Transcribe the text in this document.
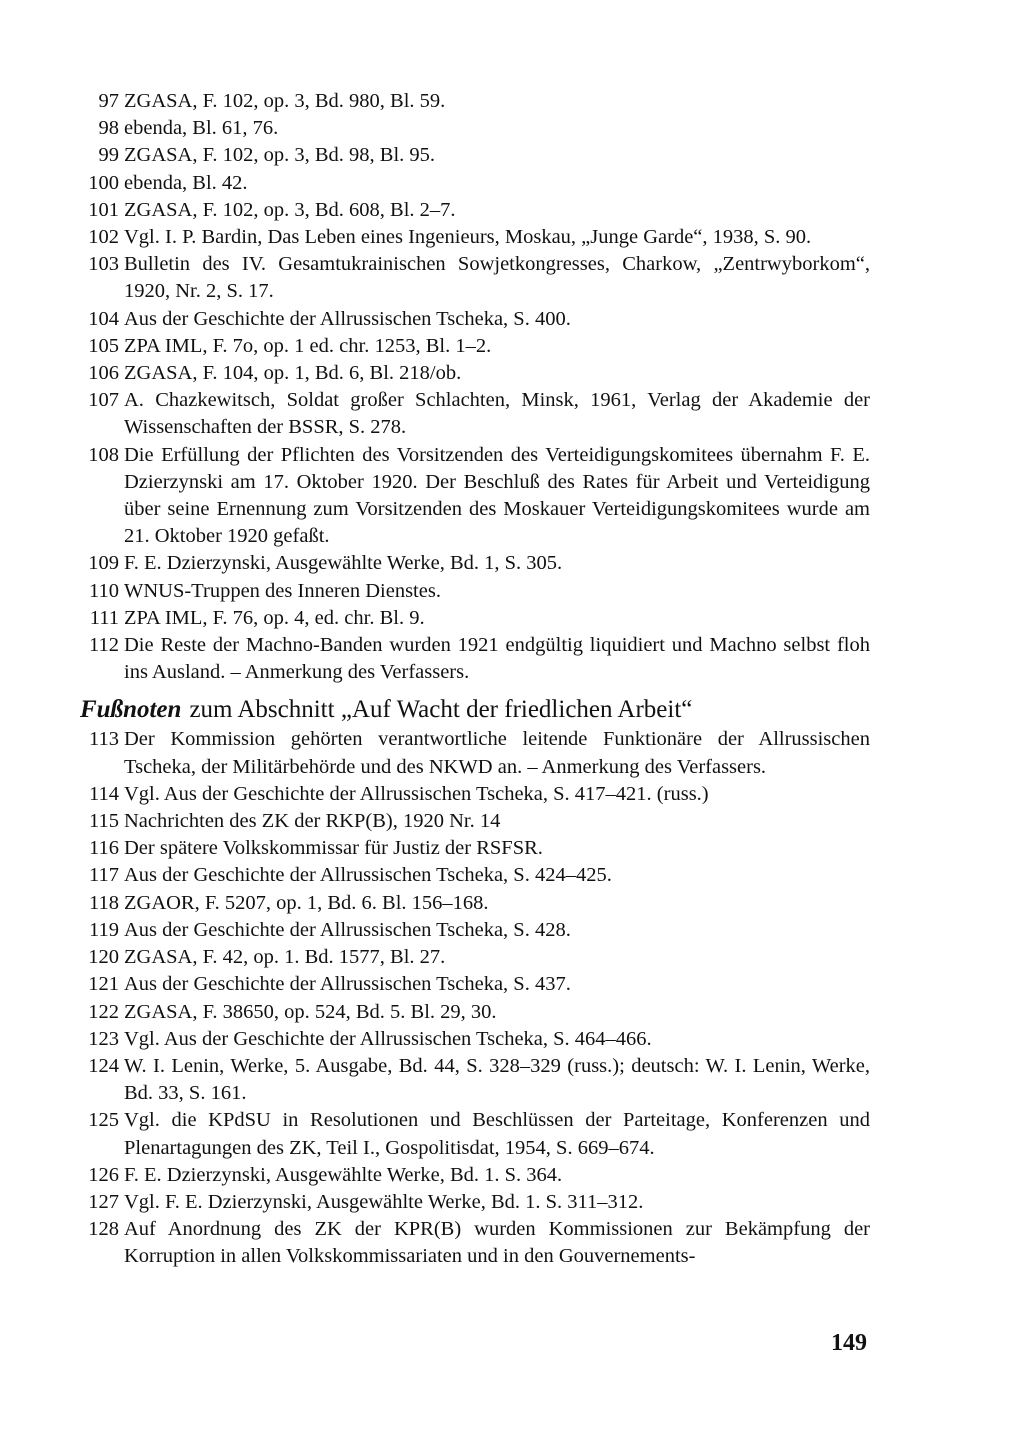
97 ZGASA, F. 102, op. 3, Bd. 980, Bl. 59.
98 ebenda, Bl. 61, 76.
99 ZGASA, F. 102, op. 3, Bd. 98, Bl. 95.
100 ebenda, Bl. 42.
101 ZGASA, F. 102, op. 3, Bd. 608, Bl. 2–7.
102 Vgl. I. P. Bardin, Das Leben eines Ingenieurs, Moskau, „Junge Garde“, 1938, S. 90.
103 Bulletin des IV. Gesamtukrainischen Sowjetkongresses, Charkow, „Zentrwyborkom“, 1920, Nr. 2, S. 17.
104 Aus der Geschichte der Allrussischen Tscheka, S. 400.
105 ZPA IML, F. 7o, op. 1 ed. chr. 1253, Bl. 1–2.
106 ZGASA, F. 104, op. 1, Bd. 6, Bl. 218/ob.
107 A. Chazkewitsch, Soldat großer Schlachten, Minsk, 1961, Verlag der Akademie der Wissenschaften der BSSR, S. 278.
108 Die Erfüllung der Pflichten des Vorsitzenden des Verteidigungskomitees übernahm F. E. Dzierzynski am 17. Oktober 1920. Der Beschluß des Rates für Arbeit und Verteidigung über seine Ernennung zum Vorsitzenden des Moskauer Verteidigungskomitees wurde am 21. Oktober 1920 gefaßt.
109 F. E. Dzierzynski, Ausgewählte Werke, Bd. 1, S. 305.
110 WNUS-Truppen des Inneren Dienstes.
111 ZPA IML, F. 76, op. 4, ed. chr. Bl. 9.
112 Die Reste der Machno-Banden wurden 1921 endgültig liquidiert und Machno selbst floh ins Ausland. – Anmerkung des Verfassers.
Fußnoten zum Abschnitt „Auf Wacht der friedlichen Arbeit“
113 Der Kommission gehörten verantwortliche leitende Funktionäre der Allrussischen Tscheka, der Militärbehörde und des NKWD an. – Anmerkung des Verfassers.
114 Vgl. Aus der Geschichte der Allrussischen Tscheka, S. 417–421. (russ.)
115 Nachrichten des ZK der RKP(B), 1920 Nr. 14
116 Der spätere Volkskommissar für Justiz der RSFSR.
117 Aus der Geschichte der Allrussischen Tscheka, S. 424–425.
118 ZGAOR, F. 5207, op. 1, Bd. 6. Bl. 156–168.
119 Aus der Geschichte der Allrussischen Tscheka, S. 428.
120 ZGASA, F. 42, op. 1. Bd. 1577, Bl. 27.
121 Aus der Geschichte der Allrussischen Tscheka, S. 437.
122 ZGASA, F. 38650, op. 524, Bd. 5. Bl. 29, 30.
123 Vgl. Aus der Geschichte der Allrussischen Tscheka, S. 464–466.
124 W. I. Lenin, Werke, 5. Ausgabe, Bd. 44, S. 328–329 (russ.); deutsch: W. I. Lenin, Werke, Bd. 33, S. 161.
125 Vgl. die KPdSU in Resolutionen und Beschlüssen der Parteitage, Konferenzen und Plenartagungen des ZK, Teil I., Gospolitisdat, 1954, S. 669–674.
126 F. E. Dzierzynski, Ausgewählte Werke, Bd. 1. S. 364.
127 Vgl. F. E. Dzierzynski, Ausgewählte Werke, Bd. 1. S. 311–312.
128 Auf Anordnung des ZK der KPR(B) wurden Kommissionen zur Bekämpfung der Korruption in allen Volkskommissariaten und in den Gouvernements-
149
